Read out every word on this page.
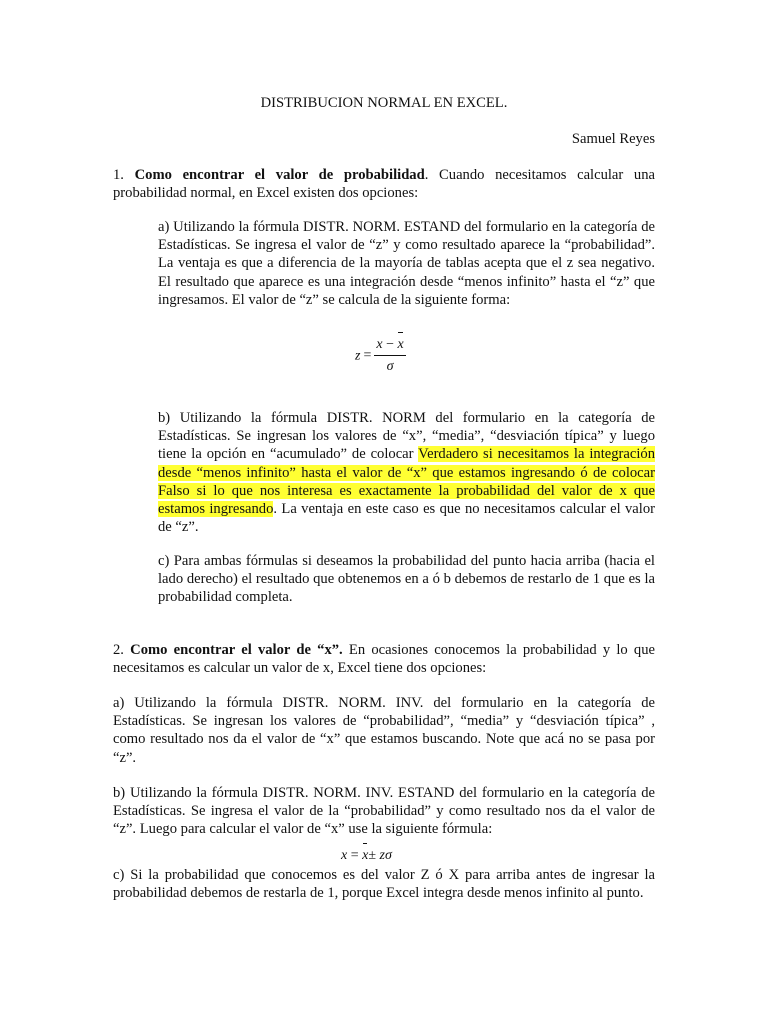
DISTRIBUCION NORMAL EN EXCEL.
Samuel Reyes
1. Como encontrar el valor de probabilidad. Cuando necesitamos calcular una probabilidad normal, en Excel existen dos opciones:
a) Utilizando la fórmula DISTR. NORM. ESTAND del formulario en la categoría de Estadísticas. Se ingresa el valor de “z” y como resultado aparece la “probabilidad”. La ventaja es que a diferencia de la mayoría de tablas acepta que el z sea negativo. El resultado que aparece es una integración desde “menos infinito” hasta el “z” que ingresamos. El valor de “z” se calcula de la siguiente forma:
$z = \frac{x - x}{\sigma}$
b) Utilizando la fórmula DISTR. NORM del formulario en la categoría de Estadísticas. Se ingresan los valores de “x”, “media”, “desviación típica” y luego tiene la opción en “acumulado” de colocar Verdadero si necesitamos la integración desde “menos infinito” hasta el valor de “x” que estamos ingresando ó de colocar Falso si lo que nos interesa es exactamente la probabilidad del valor de x que estamos ingresando. La ventaja en este caso es que no necesitamos calcular el valor de “z”.
c) Para ambas fórmulas si deseamos la probabilidad del punto hacia arriba (hacia el lado derecho) el resultado que obtenemos en a ó b debemos de restarlo de 1 que es la probabilidad completa.
2. Como encontrar el valor de “x”. En ocasiones conocemos la probabilidad y lo que necesitamos es calcular un valor de x, Excel tiene dos opciones:
a) Utilizando la fórmula DISTR. NORM. INV. del formulario en la categoría de Estadísticas. Se ingresan los valores de “probabilidad”, “media” y “desviación típica” , como resultado nos da el valor de “x” que estamos buscando. Note que acá no se pasa por “z”.
b) Utilizando la fórmula DISTR. NORM. INV. ESTAND del formulario en la categoría de Estadísticas. Se ingresa el valor de la “probabilidad” y como resultado nos da el valor de “z”. Luego para calcular el valor de “x” use la siguiente fórmula:
x = x± zσ
c) Si la probabilidad que conocemos es del valor Z ó X para arriba antes de ingresar la probabilidad debemos de restarla de 1, porque Excel integra desde menos infinito al punto.
